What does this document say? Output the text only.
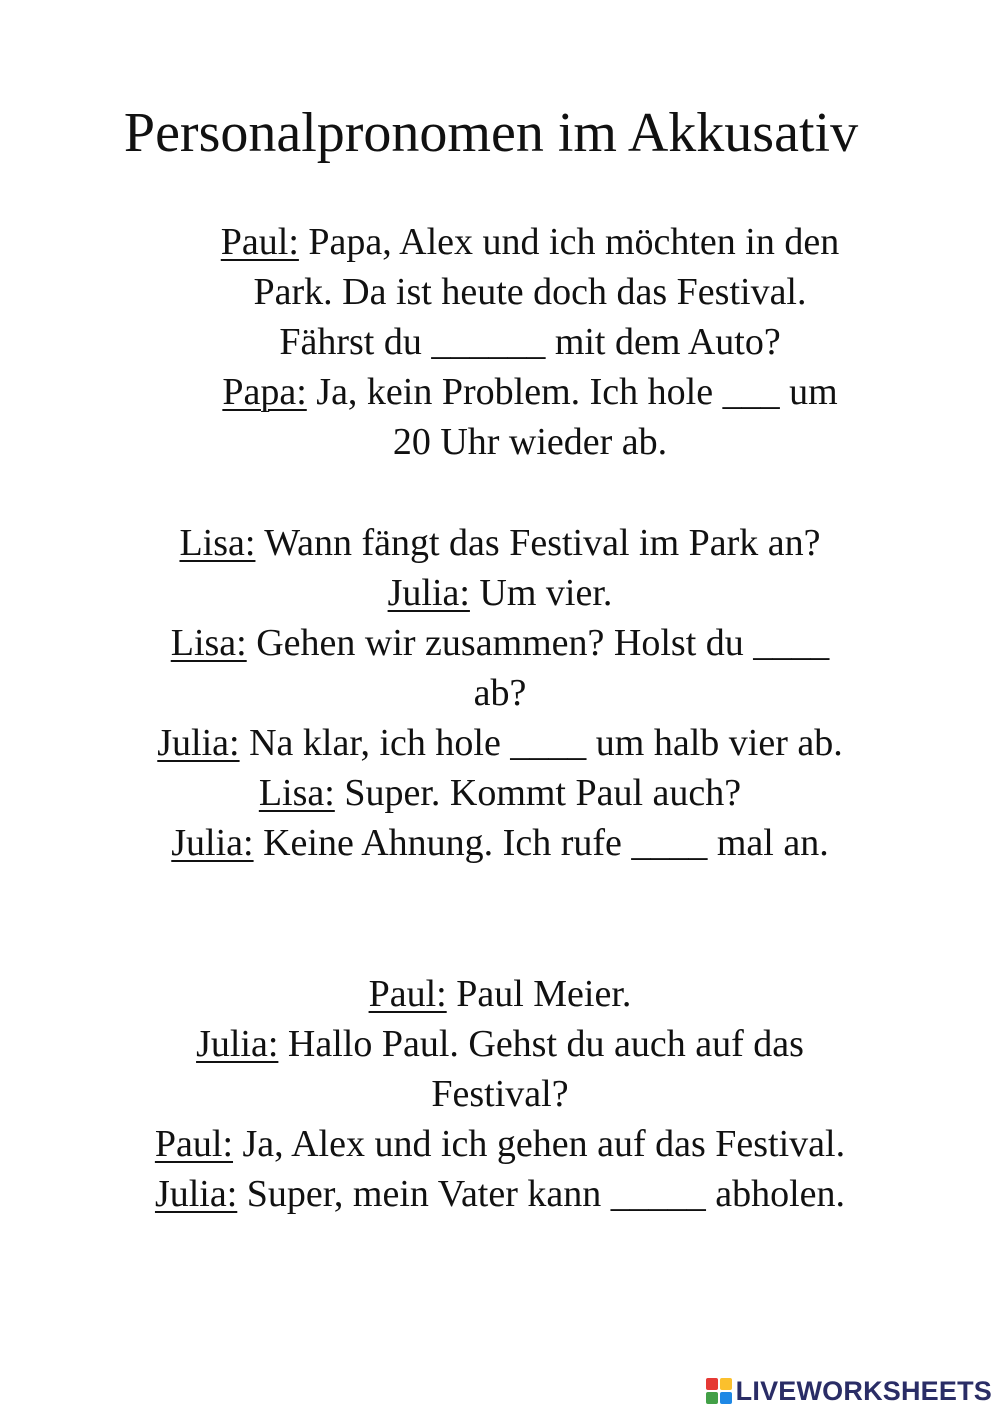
Personalpronomen im Akkusativ
Paul: Papa, Alex und ich möchten in den
Park. Da ist heute doch das Festival.
Fährst du ______ mit dem Auto?
Papa: Ja, kein Problem. Ich hole ___ um
20 Uhr wieder ab.
Lisa: Wann fängt das Festival im Park an?
Julia: Um vier.
Lisa: Gehen wir zusammen? Holst du ____
ab?
Julia: Na klar, ich hole ____ um halb vier ab.
Lisa: Super. Kommt Paul auch?
Julia: Keine Ahnung. Ich rufe ____ mal an.
Paul: Paul Meier.
Julia: Hallo Paul. Gehst du auch auf das
Festival?
Paul: Ja, Alex und ich gehen auf das Festival.
Julia: Super, mein Vater kann _____ abholen.
LIVEWORKSHEETS
